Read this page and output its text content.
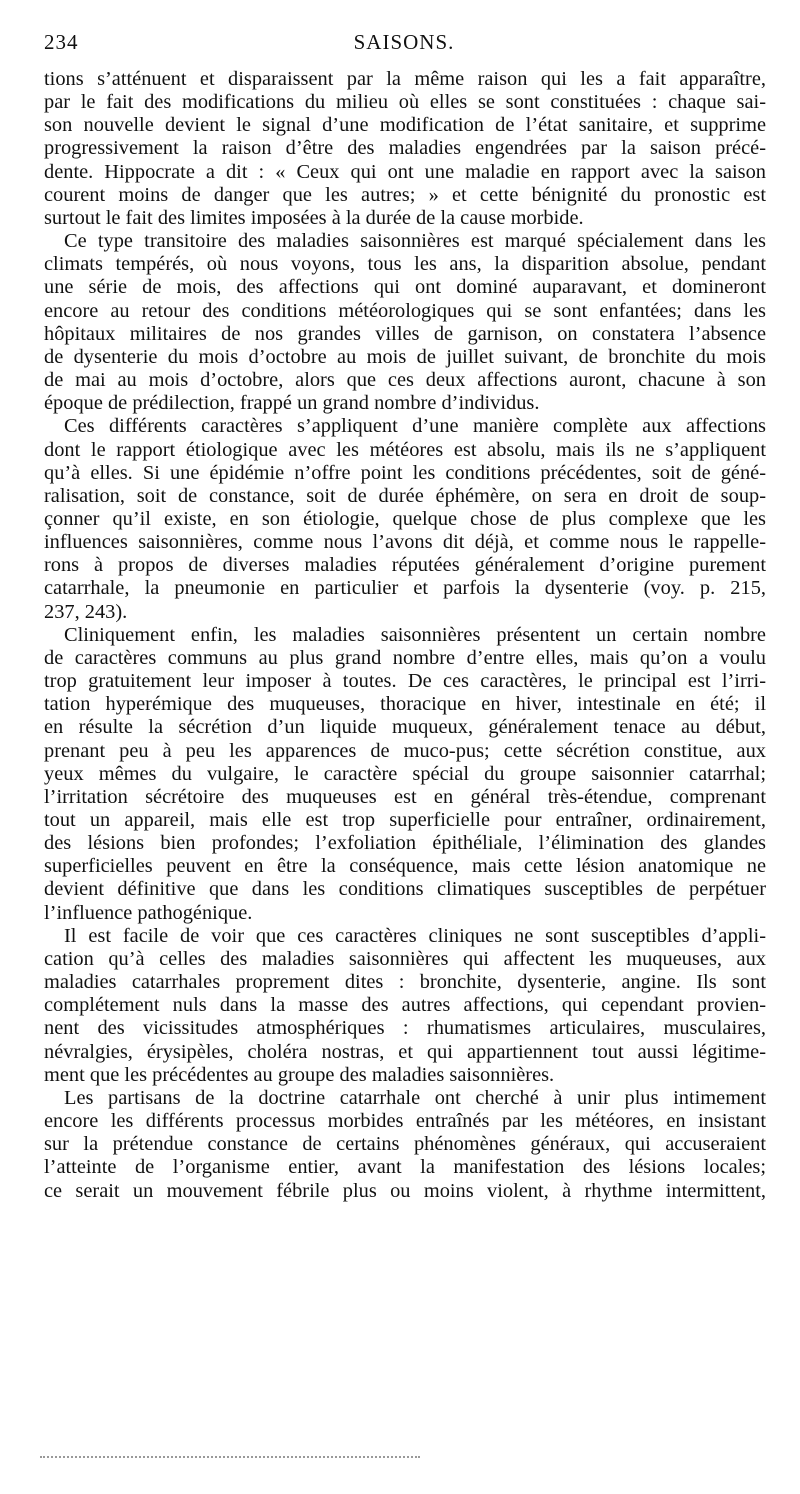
234	SAISONS.

tions s’atténuent et disparaissent par la même raison qui les a fait apparaître,
par le fait des modifications du milieu où elles se sont constituées : chaque sai-
son nouvelle devient le signal d’une modification de l’état sanitaire, et supprime
progressivement la raison d’être des maladies engendrées par la saison précé-
dente. Hippocrate a dit : « Ceux qui ont une maladie en rapport avec la saison
courent moins de danger que les autres; » et cette bénignité du pronostic est
surtout le fait des limites imposées à la durée de la cause morbide.

Ce type transitoire des maladies saisonnières est marqué spécialement dans les
climats tempérés, où nous voyons, tous les ans, la disparition absolue, pendant
une série de mois, des affections qui ont dominé auparavant, et domineront
encore au retour des conditions météorologiques qui se sont enfantées; dans les
hôpitaux militaires de nos grandes villes de garnison, on constatera l’absence
de dysenterie du mois d’octobre au mois de juillet suivant, de bronchite du mois
de mai au mois d’octobre, alors que ces deux affections auront, chacune à son
époque de prédilection, frappé un grand nombre d’individus.

Ces différents caractères s’appliquent d’une manière complète aux affections
dont le rapport étiologique avec les météores est absolu, mais ils ne s’appliquent
qu’à elles. Si une épidémie n’offre point les conditions précédentes, soit de géné-
ralisation, soit de constance, soit de durée éphémère, on sera en droit de soup-
çonner qu’il existe, en son étiologie, quelque chose de plus complexe que les
influences saisonnières, comme nous l’avons dit déjà, et comme nous le rappelle-
rons à propos de diverses maladies réputées généralement d’origine purement
catarrhale, la pneumonie en particulier et parfois la dysenterie (voy. p. 215,
237, 243).

Cliniquement enfin, les maladies saisonnières présentent un certain nombre
de caractères communs au plus grand nombre d’entre elles, mais qu’on a voulu
trop gratuitement leur imposer à toutes. De ces caractères, le principal est l’irri-
tation hyperémique des muqueuses, thoracique en hiver, intestinale en été; il
en résulte la sécrétion d’un liquide muqueux, généralement tenace au début,
prenant peu à peu les apparences de muco-pus; cette sécrétion constitue, aux
yeux mêmes du vulgaire, le caractère spécial du groupe saisonnier catarrhal;
l’irritation sécrétoire des muqueuses est en général très-étendue, comprenant
tout un appareil, mais elle est trop superficielle pour entraîner, ordinairement,
des lésions bien profondes; l’exfoliation épithéliale, l’élimination des glandes
superficielles peuvent en être la conséquence, mais cette lésion anatomique ne
devient définitive que dans les conditions climatiques susceptibles de perpétuer
l’influence pathogénique.

Il est facile de voir que ces caractères cliniques ne sont susceptibles d’appli-
cation qu’à celles des maladies saisonnières qui affectent les muqueuses, aux
maladies catarrhales proprement dites : bronchite, dysenterie, angine. Ils sont
complétement nuls dans la masse des autres affections, qui cependant provien-
nent des vicissitudes atmosphériques : rhumatismes articulaires, musculaires,
névralgies, érysipèles, choléra nostras, et qui appartiennent tout aussi légitime-
ment que les précédentes au groupe des maladies saisonnières.

Les partisans de la doctrine catarrhale ont cherché à unir plus intimement
encore les différents processus morbides entraînés par les météores, en insistant
sur la prétendue constance de certains phénomènes généraux, qui accuseraient
l’atteinte de l’organisme entier, avant la manifestation des lésions locales;
ce serait un mouvement fébrile plus ou moins violent, à rhythme intermittent,
